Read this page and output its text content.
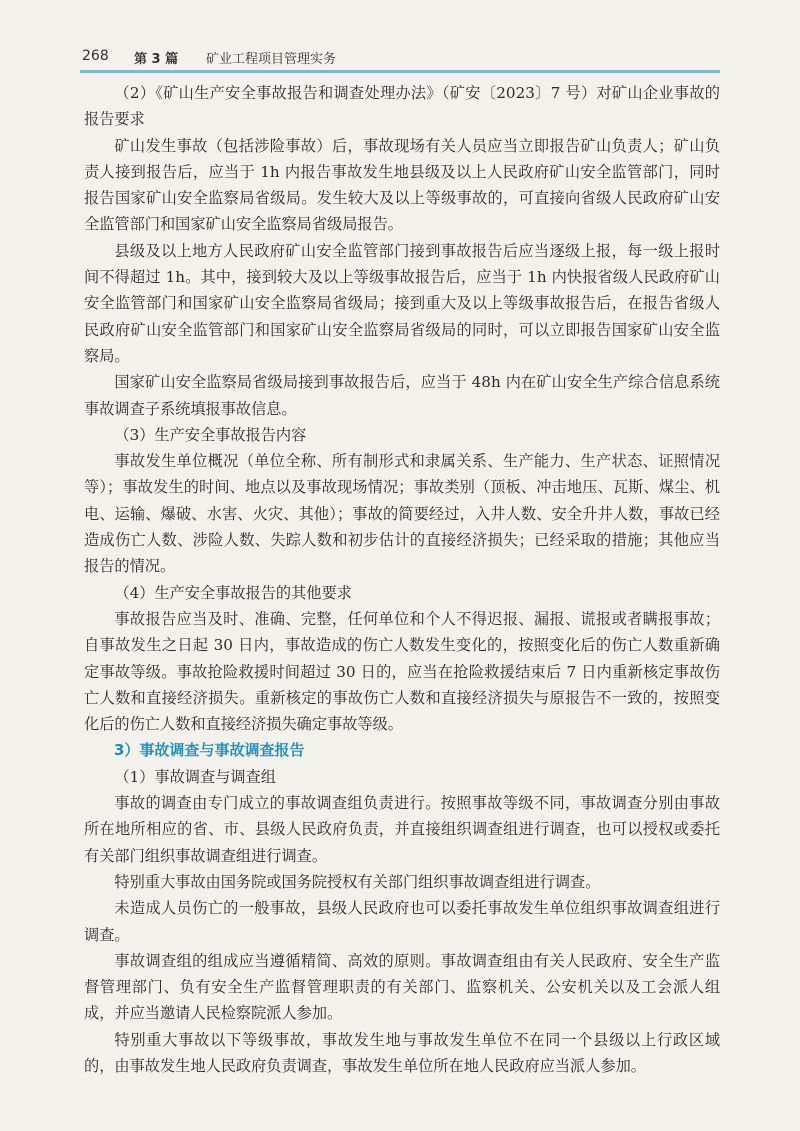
268 第 3 篇 矿业工程项目管理实务

（2）《矿山生产安全事故报告和调查处理办法》（矿安〔2023〕7 号）对矿山企业事故的报告要求

矿山发生事故（包括涉险事故）后，事故现场有关人员应当立即报告矿山负责人；矿山负责人接到报告后，应当于 1h 内报告事故发生地县级及以上人民政府矿山安全监管部门，同时报告国家矿山安全监察局省级局。发生较大及以上等级事故的，可直接向省级人民政府矿山安全监管部门和国家矿山安全监察局省级局报告。

县级及以上地方人民政府矿山安全监管部门接到事故报告后应当逐级上报，每一级上报时间不得超过 1h。其中，接到较大及以上等级事故报告后，应当于 1h 内快报省级人民政府矿山安全监管部门和国家矿山安全监察局省级局；接到重大及以上等级事故报告后，在报告省级人民政府矿山安全监管部门和国家矿山安全监察局省级局的同时，可以立即报告国家矿山安全监察局。

国家矿山安全监察局省级局接到事故报告后，应当于 48h 内在矿山安全生产综合信息系统事故调查子系统填报事故信息。

（3）生产安全事故报告内容

事故发生单位概况（单位全称、所有制形式和隶属关系、生产能力、生产状态、证照情况等）；事故发生的时间、地点以及事故现场情况；事故类别（顶板、冲击地压、瓦斯、煤尘、机电、运输、爆破、水害、火灾、其他）；事故的简要经过，入井人数、安全升井人数，事故已经造成伤亡人数、涉险人数、失踪人数和初步估计的直接经济损失；已经采取的措施；其他应当报告的情况。

（4）生产安全事故报告的其他要求

事故报告应当及时、准确、完整，任何单位和个人不得迟报、漏报、谎报或者瞒报事故；自事故发生之日起 30 日内，事故造成的伤亡人数发生变化的，按照变化后的伤亡人数重新确定事故等级。事故抢险救援时间超过 30 日的，应当在抢险救援结束后 7 日内重新核定事故伤亡人数和直接经济损失。重新核定的事故伤亡人数和直接经济损失与原报告不一致的，按照变化后的伤亡人数和直接经济损失确定事故等级。

3）事故调查与事故调查报告

（1）事故调查与调查组

事故的调查由专门成立的事故调查组负责进行。按照事故等级不同，事故调查分别由事故所在地所相应的省、市、县级人民政府负责，并直接组织调查组进行调查，也可以授权或委托有关部门组织事故调查组进行调查。

特别重大事故由国务院或国务院授权有关部门组织事故调查组进行调查。

未造成人员伤亡的一般事故，县级人民政府也可以委托事故发生单位组织事故调查组进行调查。

事故调查组的组成应当遵循精简、高效的原则。事故调查组由有关人民政府、安全生产监督管理部门、负有安全生产监督管理职责的有关部门、监察机关、公安机关以及工会派人组成，并应当邀请人民检察院派人参加。

特别重大事故以下等级事故，事故发生地与事故发生单位不在同一个县级以上行政区域的，由事故发生地人民政府负责调查，事故发生单位所在地人民政府应当派人参加。
